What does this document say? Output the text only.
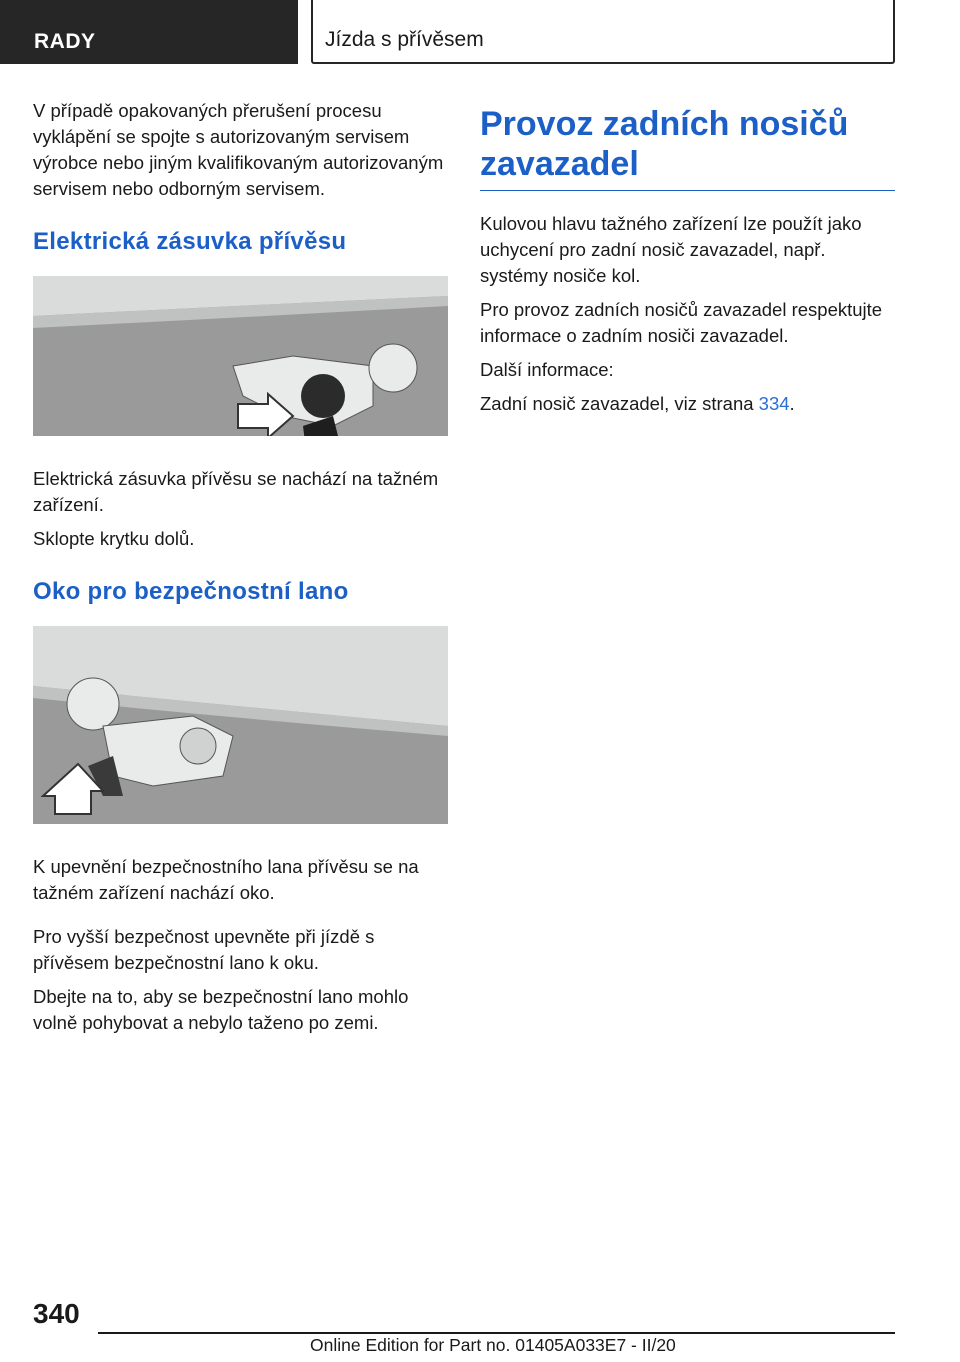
RADY	Jízda s přívěsem

V případě opakovaných přerušení procesu vyklápění se spojte s autorizovaným servisem výrobce nebo jiným kvalifikovaným autorizovaným servisem nebo odborným servisem.

Elektrická zásuvka přívěsu

Elektrická zásuvka přívěsu se nachází na tažném zařízení.

Sklopte krytku dolů.

Oko pro bezpečnostní lano

K upevnění bezpečnostního lana přívěsu se na tažném zařízení nachází oko.

Pro vyšší bezpečnost upevněte při jízdě s přívěsem bezpečnostní lano k oku.

Dbejte na to, aby se bezpečnostní lano mohlo volně pohybovat a nebylo taženo po zemi.

Provoz zadních nosičů zavazadel

Kulovou hlavu tažného zařízení lze použít jako uchycení pro zadní nosič zavazadel, např. systémy nosiče kol.

Pro provoz zadních nosičů zavazadel respektujte informace o zadním nosiči zavazadel.

Další informace:

Zadní nosič zavazadel, viz strana 334.

340
Online Edition for Part no. 01405A033E7 - II/20
